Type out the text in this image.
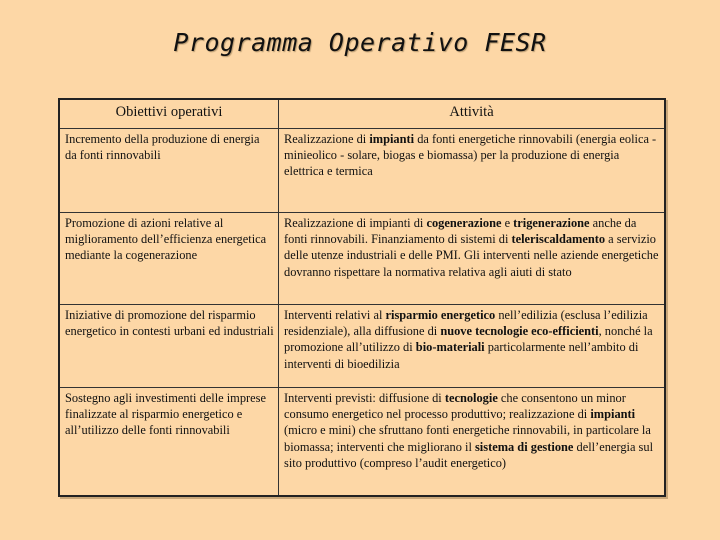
Programma Operativo FESR
Obiettivi operativi	Attività
Incremento della produzione di energia da fonti rinnovabili	Realizzazione di impianti da fonti energetiche rinnovabili (energia eolica - minieolico - solare, biogas e biomassa) per la produzione di energia elettrica e termica
Promozione di azioni relative al miglioramento dell’efficienza energetica mediante la cogenerazione	Realizzazione di impianti di cogenerazione e trigenerazione anche da fonti rinnovabili. Finanziamento di sistemi di teleriscaldamento a servizio delle utenze industriali e delle PMI. Gli interventi nelle aziende energetiche dovranno rispettare la normativa relativa agli aiuti di stato
Iniziative di promozione del risparmio energetico in contesti urbani ed industriali	Interventi relativi al risparmio energetico nell’edilizia (esclusa l’edilizia residenziale), alla diffusione di nuove tecnologie eco-efficienti, nonché la promozione all’utilizzo di bio-materiali particolarmente nell’ambito di interventi di bioedilizia
Sostegno agli investimenti delle imprese finalizzate al risparmio energetico e all’utilizzo delle fonti rinnovabili	Interventi previsti: diffusione di tecnologie che consentono un minor consumo energetico nel processo produttivo; realizzazione di impianti (micro e mini) che sfruttano fonti energetiche rinnovabili, in particolare la biomassa; interventi che migliorano il sistema di gestione dell’energia sul sito produttivo (compreso l’audit energetico)
